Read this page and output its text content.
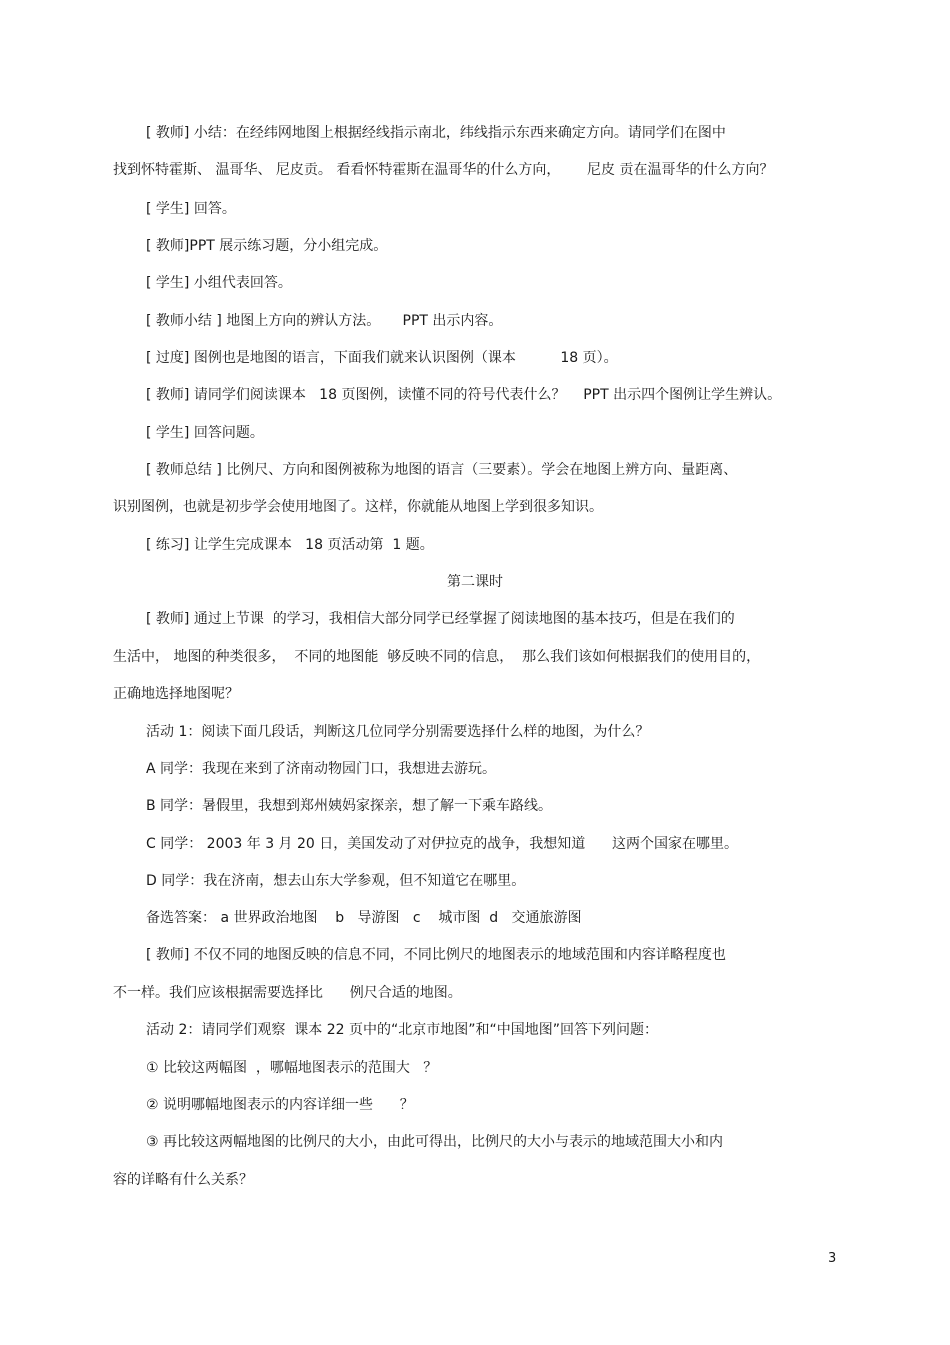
[ 教师] 小结：在经纬网地图上根据经线指示南北，纬线指示东西来确定方向。请同学们在图中
找到怀特霍斯、 温哥华、 尼皮贡。 看看怀特霍斯在温哥华的什么方向，      尼皮 贡在温哥华的什么方向？
[ 学生] 回答。
[ 教师]PPT 展示练习题，分小组完成。
[ 学生] 小组代表回答。
[ 教师小结 ] 地图上方向的辨认方法。     PPT 出示内容。
[ 过度] 图例也是地图的语言，下面我们就来认识图例（课本          18 页）。
[ 教师] 请同学们阅读课本   18 页图例，读懂不同的符号代表什么？    PPT 出示四个图例让学生辨认。
[ 学生] 回答问题。
[ 教师总结 ] 比例尺、方向和图例被称为地图的语言（三要素）。学会在地图上辨方向、量距离、
识别图例，也就是初步学会使用地图了。这样，你就能从地图上学到很多知识。
[ 练习] 让学生完成课本   18 页活动第  1 题。
第二课时
[ 教师] 通过上节课  的学习，我相信大部分同学已经掌握了阅读地图的基本技巧，但是在我们的
生活中， 地图的种类很多，  不同的地图能  够反映不同的信息，  那么我们该如何根据我们的使用目的，
正确地选择地图呢？
活动 1：阅读下面几段话，判断这几位同学分别需要选择什么样的地图，为什么？
A 同学：我现在来到了济南动物园门口，我想进去游玩。
B 同学：暑假里，我想到郑州姨妈家探亲，想了解一下乘车路线。
C 同学： 2003 年 3 月 20 日，美国发动了对伊拉克的战争，我想知道      这两个国家在哪里。
D 同学：我在济南，想去山东大学参观，但不知道它在哪里。
备选答案： a 世界政治地图    b   导游图   c    城市图  d   交通旅游图
[ 教师] 不仅不同的地图反映的信息不同，不同比例尺的地图表示的地域范围和内容详略程度也
不一样。我们应该根据需要选择比      例尺合适的地图。
活动 2：请同学们观察  课本 22 页中的“北京市地图”和“中国地图”回答下列问题：
① 比较这两幅图  ，哪幅地图表示的范围大   ？
② 说明哪幅地图表示的内容详细一些      ？
③ 再比较这两幅地图的比例尺的大小，由此可得出，比例尺的大小与表示的地域范围大小和内
容的详略有什么关系？
3
